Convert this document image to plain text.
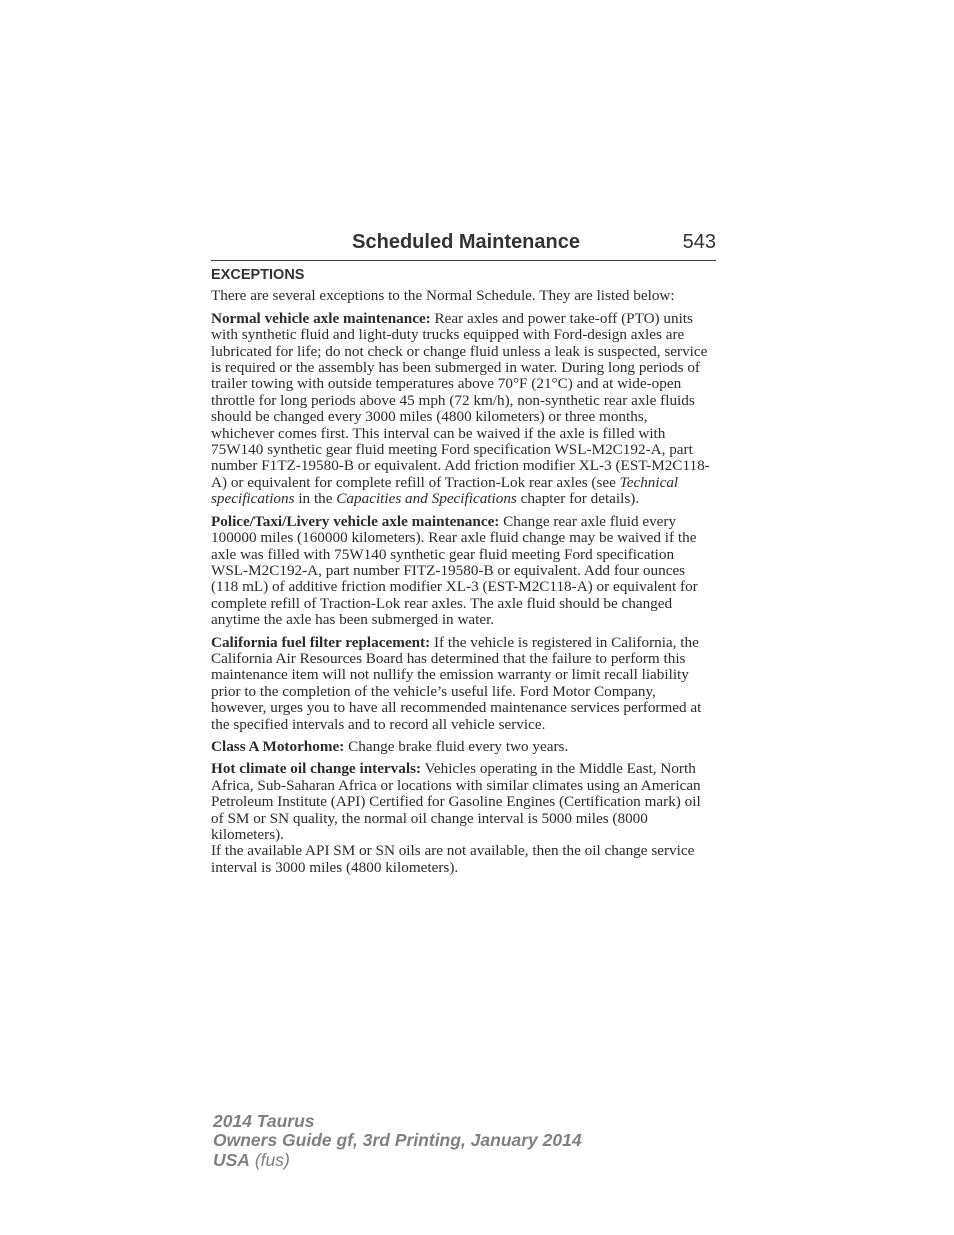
Scheduled Maintenance	543
EXCEPTIONS

There are several exceptions to the Normal Schedule. They are listed below:

Normal vehicle axle maintenance: Rear axles and power take-off (PTO) units with synthetic fluid and light-duty trucks equipped with Ford-design axles are lubricated for life; do not check or change fluid unless a leak is suspected, service is required or the assembly has been submerged in water. During long periods of trailer towing with outside temperatures above 70°F (21°C) and at wide-open throttle for long periods above 45 mph (72 km/h), non-synthetic rear axle fluids should be changed every 3000 miles (4800 kilometers) or three months, whichever comes first. This interval can be waived if the axle is filled with 75W140 synthetic gear fluid meeting Ford specification WSL-M2C192-A, part number F1TZ-19580-B or equivalent. Add friction modifier XL-3 (EST-M2C118-A) or equivalent for complete refill of Traction-Lok rear axles (see Technical specifications in the Capacities and Specifications chapter for details).

Police/Taxi/Livery vehicle axle maintenance: Change rear axle fluid every 100000 miles (160000 kilometers). Rear axle fluid change may be waived if the axle was filled with 75W140 synthetic gear fluid meeting Ford specification WSL-M2C192-A, part number FITZ-19580-B or equivalent. Add four ounces (118 mL) of additive friction modifier XL-3 (EST-M2C118-A) or equivalent for complete refill of Traction-Lok rear axles. The axle fluid should be changed anytime the axle has been submerged in water.

California fuel filter replacement: If the vehicle is registered in California, the California Air Resources Board has determined that the failure to perform this maintenance item will not nullify the emission warranty or limit recall liability prior to the completion of the vehicle’s useful life. Ford Motor Company, however, urges you to have all recommended maintenance services performed at the specified intervals and to record all vehicle service.

Class A Motorhome: Change brake fluid every two years.

Hot climate oil change intervals: Vehicles operating in the Middle East, North Africa, Sub-Saharan Africa or locations with similar climates using an American Petroleum Institute (API) Certified for Gasoline Engines (Certification mark) oil of SM or SN quality, the normal oil change interval is 5000 miles (8000 kilometers).

If the available API SM or SN oils are not available, then the oil change service interval is 3000 miles (4800 kilometers).

2014 Taurus
Owners Guide gf, 3rd Printing, January 2014
USA (fus)
